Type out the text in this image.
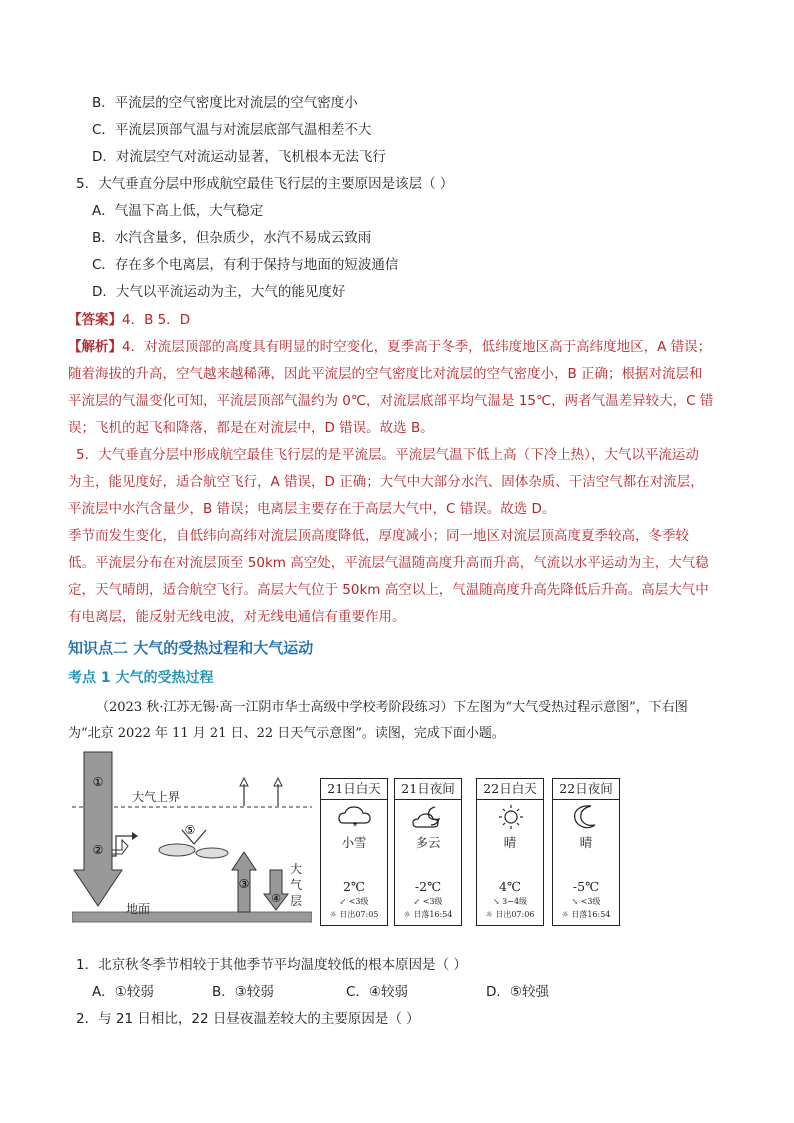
B．平流层的空气密度比对流层的空气密度小
C．平流层顶部气温与对流层底部气温相差不大
D．对流层空气对流运动显著，飞机根本无法飞行
5．大气垂直分层中形成航空最佳飞行层的主要原因是该层（ ）
A．气温下高上低，大气稳定
B．水汽含量多，但杂质少，水汽不易成云致雨
C．存在多个电离层，有利于保持与地面的短波通信
D．大气以平流运动为主，大气的能见度好
【答案】4．B 5．D
【解析】4．对流层顶部的高度具有明显的时空变化，夏季高于冬季，低纬度地区高于高纬度地区，A 错误；
随着海拔的升高，空气越来越稀薄，因此平流层的空气密度比对流层的空气密度小，B 正确；根据对流层和
平流层的气温变化可知，平流层顶部气温约为 0℃，对流层底部平均气温是 15℃，两者气温差异较大，C 错
误；飞机的起飞和降落，都是在对流层中，D 错误。故选 B。
5．大气垂直分层中形成航空最佳飞行层的是平流层。平流层气温下低上高（下冷上热），大气以平流运动
为主，能见度好，适合航空飞行，A 错误，D 正确；大气中大部分水汽、固体杂质、干洁空气都在对流层，
平流层中水汽含量少，B 错误；电离层主要存在于高层大气中，C 错误。故选 D。
季节而发生变化，自低纬向高纬对流层顶高度降低，厚度减小；同一地区对流层顶高度夏季较高，冬季较
低。平流层分布在对流层顶至 50km 高空处，平流层气温随高度升高而升高，气流以水平运动为主，大气稳
定，天气晴朗，适合航空飞行。高层大气位于 50km 高空以上，气温随高度升高先降低后升高。高层大气中
有电离层，能反射无线电波，对无线电通信有重要作用。
知识点二 大气的受热过程和大气运动
考点 1 大气的受热过程
（2023 秋·江苏无锡·高一江阴市华士高级中学校考阶段练习）下左图为“大气受热过程示意图”，下右图
为“北京 2022 年 11 月 21 日、22 日天气示意图”。读图，完成下面小题。
①
②
③
④
⑤
大气上界
地面
大
气
层
21日白天
*
小雪
2℃
↙ <3级
☼ 日出07:05
21日夜间
多云
-2℃
↙ <3级
☼ 日落16:54
22日白天
晴
4℃
↘ 3~4级
☼ 日出07:06
22日夜间
晴
-5℃
↘ <3级
☼ 日落16:54
1．北京秋冬季节相较于其他季节平均温度较低的根本原因是（ ）
A．①较弱	B．③较弱	C．④较弱	D．⑤较强
2．与 21 日相比，22 日昼夜温差较大的主要原因是（ ）
